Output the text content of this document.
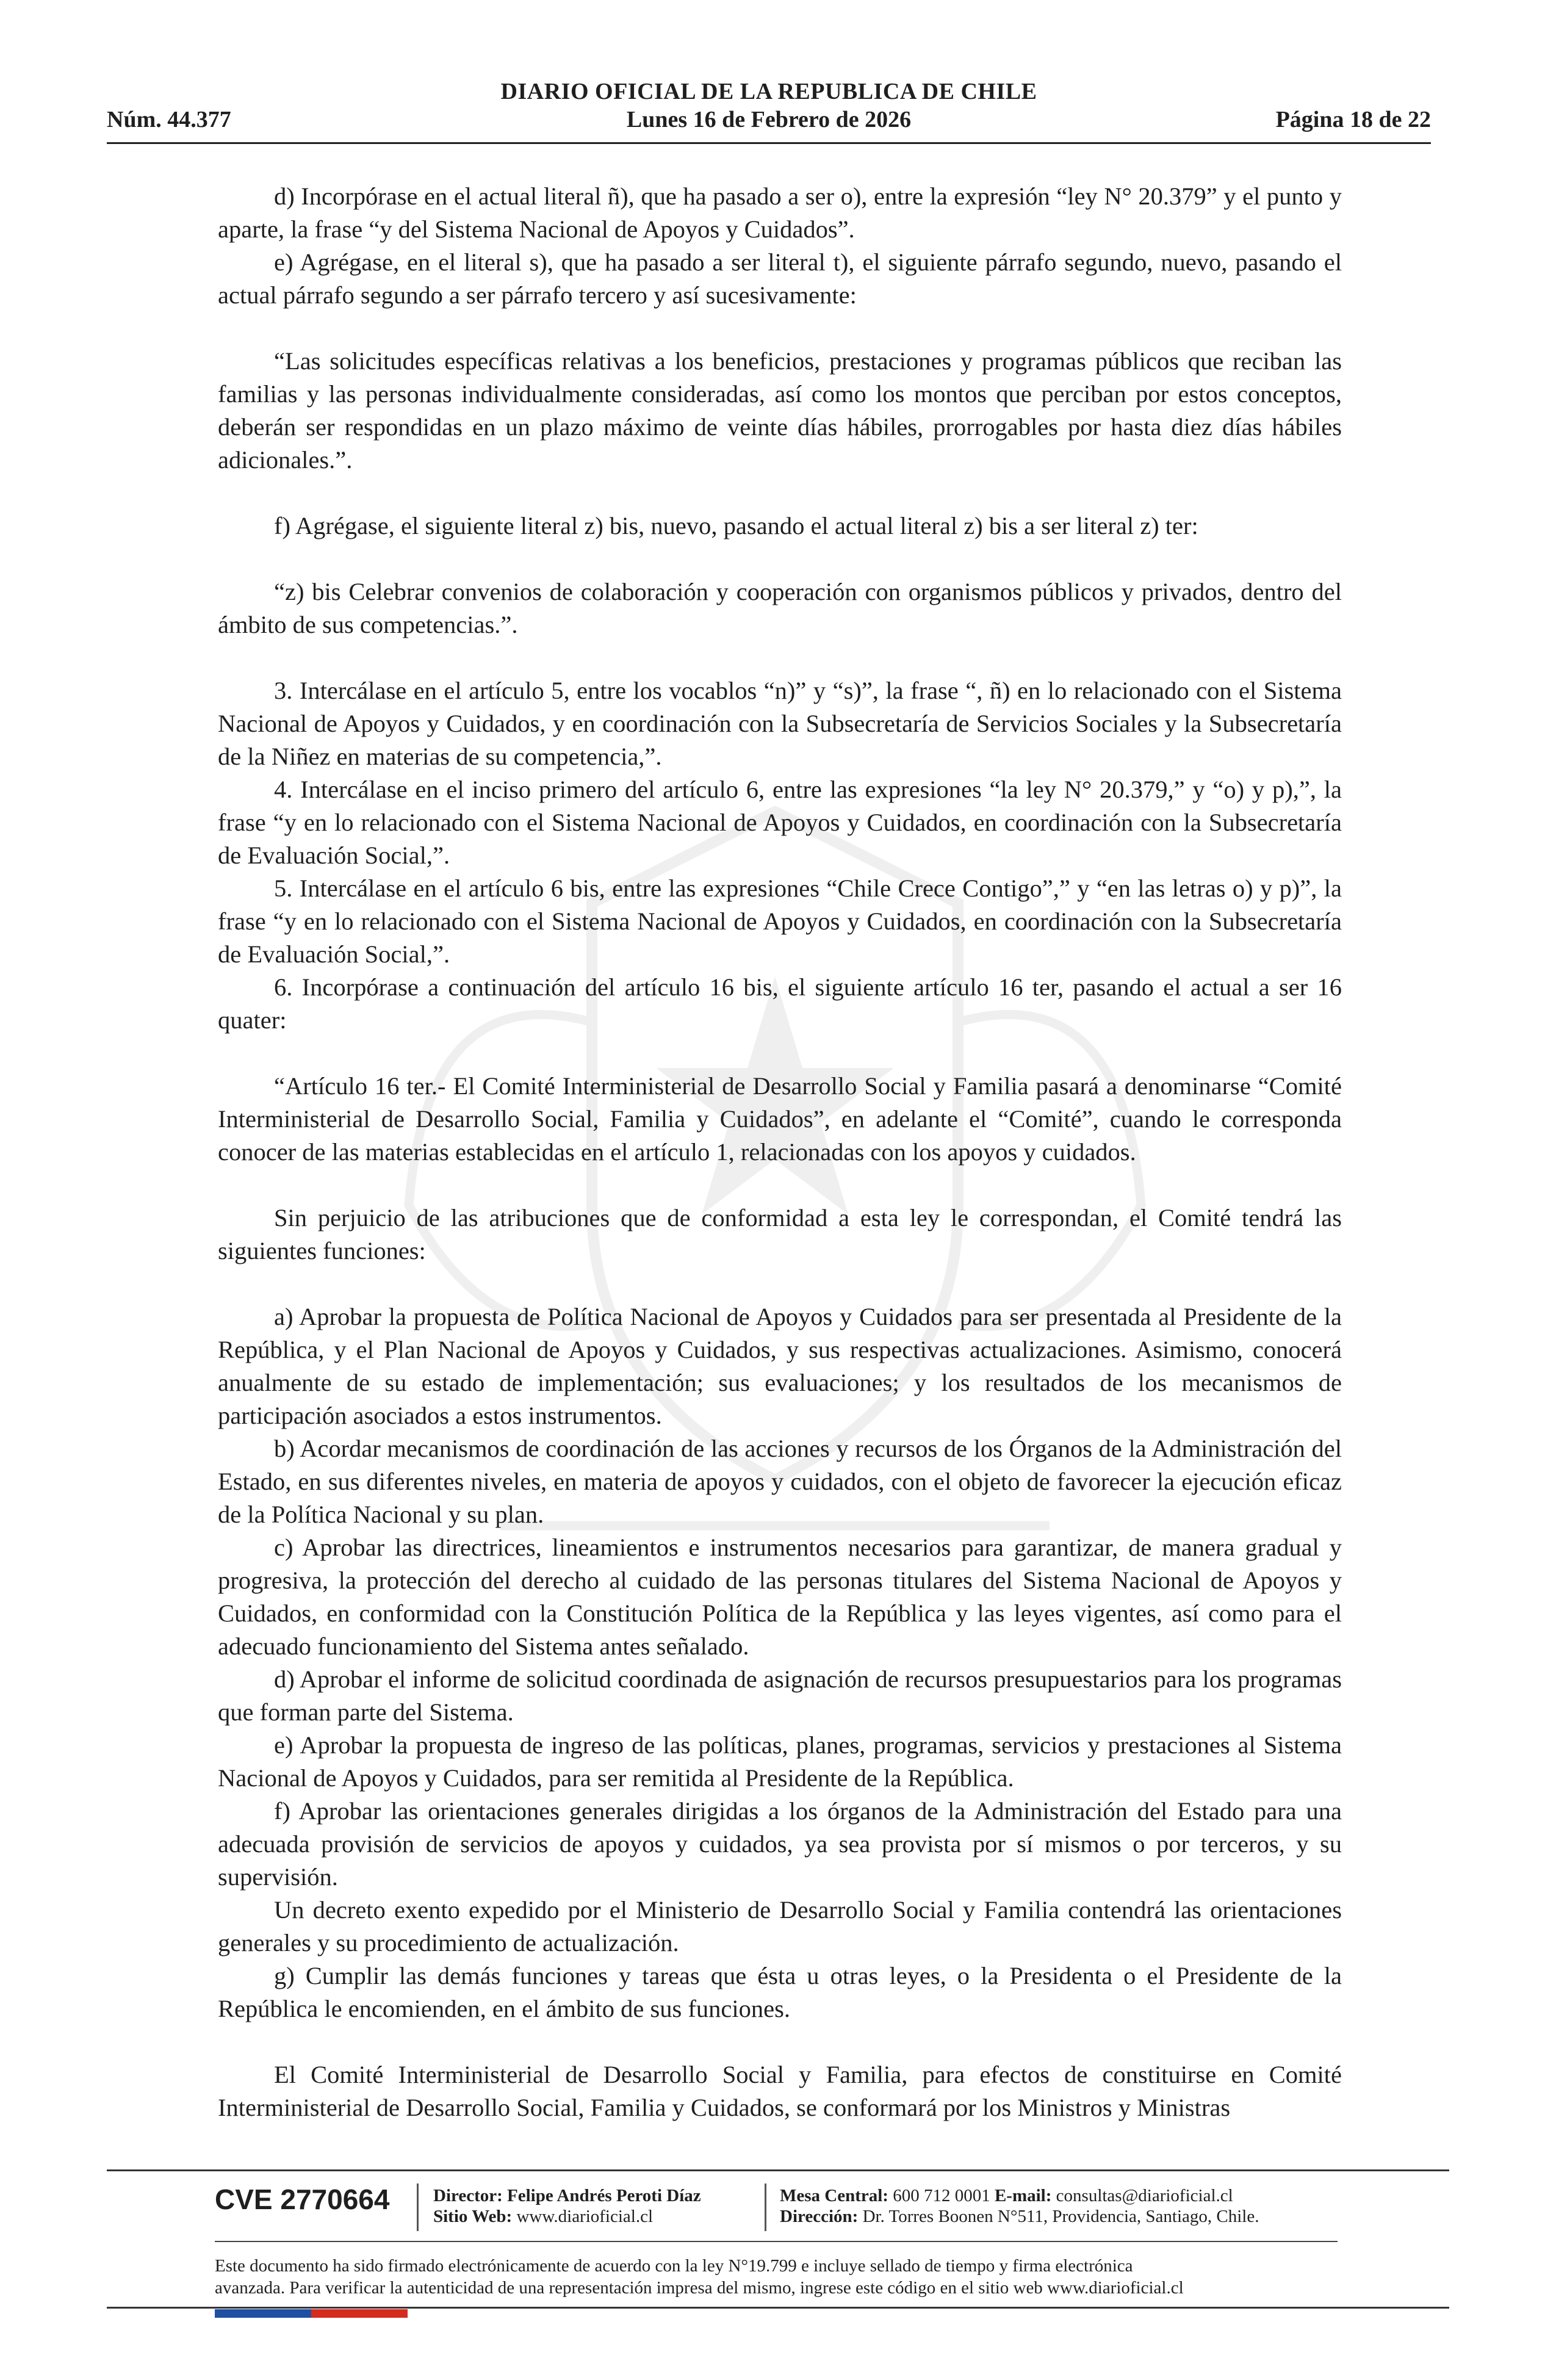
DIARIO OFICIAL DE LA REPUBLICA DE CHILE
Núm. 44.377	Lunes 16 de Febrero de 2026	Página 18 de 22

d) Incorpórase en el actual literal ñ), que ha pasado a ser o), entre la expresión “ley N° 20.379” y el punto y aparte, la frase “y del Sistema Nacional de Apoyos y Cuidados”.

e) Agrégase, en el literal s), que ha pasado a ser literal t), el siguiente párrafo segundo, nuevo, pasando el actual párrafo segundo a ser párrafo tercero y así sucesivamente:

“Las solicitudes específicas relativas a los beneficios, prestaciones y programas públicos que reciban las familias y las personas individualmente consideradas, así como los montos que perciban por estos conceptos, deberán ser respondidas en un plazo máximo de veinte días hábiles, prorrogables por hasta diez días hábiles adicionales.”.

f) Agrégase, el siguiente literal z) bis, nuevo, pasando el actual literal z) bis a ser literal z) ter:

“z) bis Celebrar convenios de colaboración y cooperación con organismos públicos y privados, dentro del ámbito de sus competencias.”.

3. Intercálase en el artículo 5, entre los vocablos “n)” y “s)”, la frase “, ñ) en lo relacionado con el Sistema Nacional de Apoyos y Cuidados, y en coordinación con la Subsecretaría de Servicios Sociales y la Subsecretaría de la Niñez en materias de su competencia,”.

4. Intercálase en el inciso primero del artículo 6, entre las expresiones “la ley N° 20.379,” y “o) y p),”, la frase “y en lo relacionado con el Sistema Nacional de Apoyos y Cuidados, en coordinación con la Subsecretaría de Evaluación Social,”.

5. Intercálase en el artículo 6 bis, entre las expresiones “Chile Crece Contigo”,” y “en las letras o) y p)”, la frase “y en lo relacionado con el Sistema Nacional de Apoyos y Cuidados, en coordinación con la Subsecretaría de Evaluación Social,”.

6. Incorpórase a continuación del artículo 16 bis, el siguiente artículo 16 ter, pasando el actual a ser 16 quater:

“Artículo 16 ter.- El Comité Interministerial de Desarrollo Social y Familia pasará a denominarse “Comité Interministerial de Desarrollo Social, Familia y Cuidados”, en adelante el “Comité”, cuando le corresponda conocer de las materias establecidas en el artículo 1, relacionadas con los apoyos y cuidados.

Sin perjuicio de las atribuciones que de conformidad a esta ley le correspondan, el Comité tendrá las siguientes funciones:

a) Aprobar la propuesta de Política Nacional de Apoyos y Cuidados para ser presentada al Presidente de la República, y el Plan Nacional de Apoyos y Cuidados, y sus respectivas actualizaciones. Asimismo, conocerá anualmente de su estado de implementación; sus evaluaciones; y los resultados de los mecanismos de participación asociados a estos instrumentos.

b) Acordar mecanismos de coordinación de las acciones y recursos de los Órganos de la Administración del Estado, en sus diferentes niveles, en materia de apoyos y cuidados, con el objeto de favorecer la ejecución eficaz de la Política Nacional y su plan.

c) Aprobar las directrices, lineamientos e instrumentos necesarios para garantizar, de manera gradual y progresiva, la protección del derecho al cuidado de las personas titulares del Sistema Nacional de Apoyos y Cuidados, en conformidad con la Constitución Política de la República y las leyes vigentes, así como para el adecuado funcionamiento del Sistema antes señalado.

d) Aprobar el informe de solicitud coordinada de asignación de recursos presupuestarios para los programas que forman parte del Sistema.

e) Aprobar la propuesta de ingreso de las políticas, planes, programas, servicios y prestaciones al Sistema Nacional de Apoyos y Cuidados, para ser remitida al Presidente de la República.

f) Aprobar las orientaciones generales dirigidas a los órganos de la Administración del Estado para una adecuada provisión de servicios de apoyos y cuidados, ya sea provista por sí mismos o por terceros, y su supervisión.

Un decreto exento expedido por el Ministerio de Desarrollo Social y Familia contendrá las orientaciones generales y su procedimiento de actualización.

g) Cumplir las demás funciones y tareas que ésta u otras leyes, o la Presidenta o el Presidente de la República le encomienden, en el ámbito de sus funciones.

El Comité Interministerial de Desarrollo Social y Familia, para efectos de constituirse en Comité Interministerial de Desarrollo Social, Familia y Cuidados, se conformará por los Ministros y Ministras

CVE 2770664 Director: Felipe Andrés Peroti Díaz
Sitio Web: www.diarioficial.cl
Mesa Central: 600 712 0001 E-mail: consultas@diarioficial.cl
Dirección: Dr. Torres Boonen N°511, Providencia, Santiago, Chile.
Este documento ha sido firmado electrónicamente de acuerdo con la ley N°19.799 e incluye sellado de tiempo y firma electrónica
avanzada. Para verificar la autenticidad de una representación impresa del mismo, ingrese este código en el sitio web www.diarioficial.cl
